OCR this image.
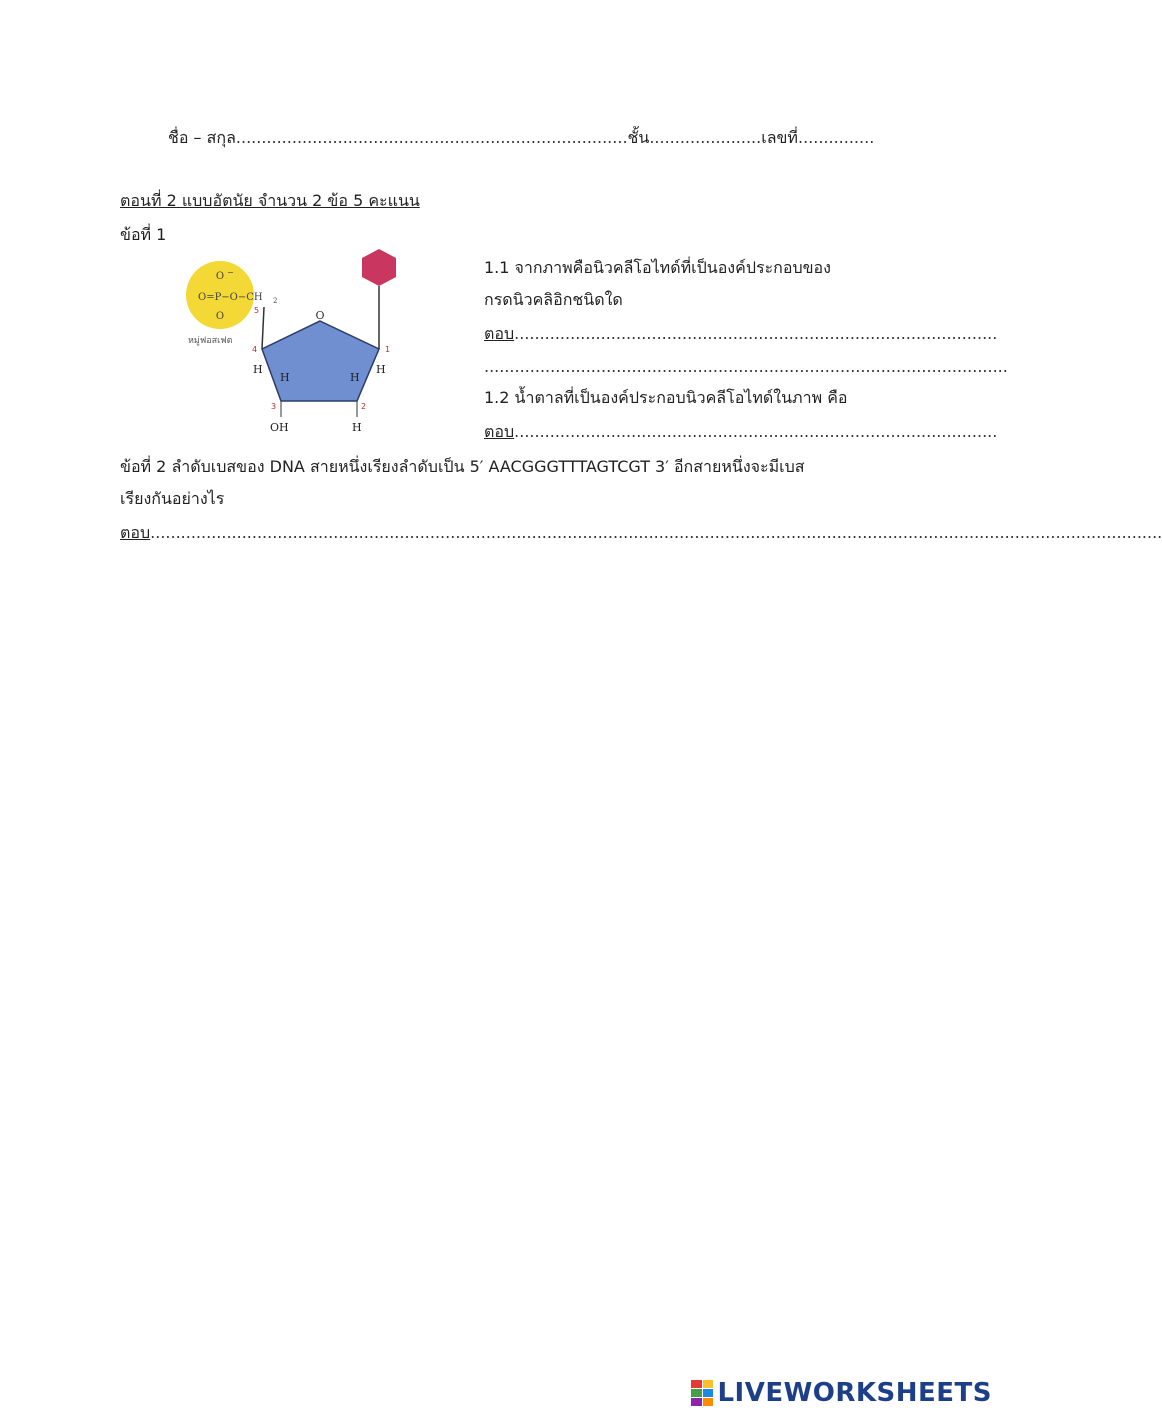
ชื่อ – สกุล.............................................................................ชั้น......................เลขที่...............
ตอนที่ 2 แบบอัตนัย จำนวน 2 ข้อ 5 คะแนน
ข้อที่ 1
O −
O=P−O−CH 2
O
หมู่ฟอสเฟต
O
5
4	1
3	2
H
H	H
H
OH	H
1.1 จากภาพคือนิวคลีโอไทด์ที่เป็นองค์ประกอบของ
กรดนิวคลิอิกชนิดใด
ตอบ...............................................................................................
.......................................................................................................
1.2 น้ำตาลที่เป็นองค์ประกอบนิวคลีโอไทด์ในภาพ คือ
ตอบ...............................................................................................
ข้อที่ 2 ลำดับเบสของ DNA สายหนึ่งเรียงลำดับเป็น 5′ AACGGGTTTAGTCGT 3′ อีกสายหนึ่งจะมีเบส
เรียงกันอย่างไร
ตอบ.......................................................................................................................................................................................................
LIVEWORKSHEETS
